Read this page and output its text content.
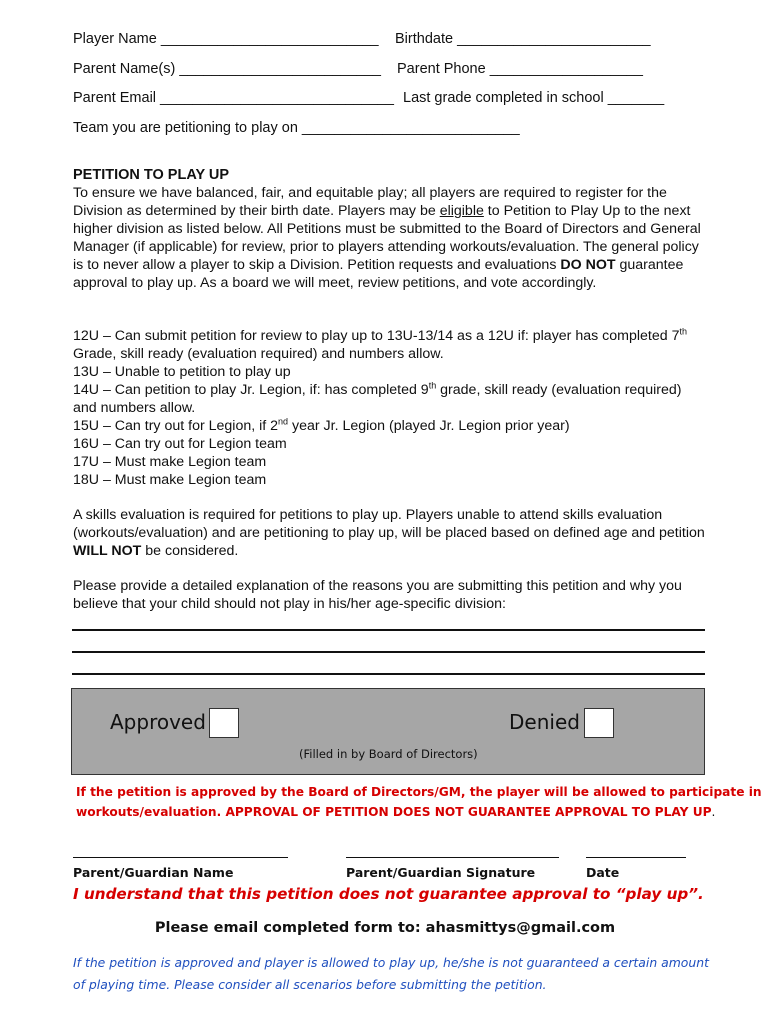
Player Name ___________________________ Birthdate ________________________
Parent Name(s) _________________________ Parent Phone ___________________
Parent Email _____________________________ Last grade completed in school _______
Team you are petitioning to play on ___________________________
PETITION TO PLAY UP
To ensure we have balanced, fair, and equitable play; all players are required to register for the Division as determined by their birth date. Players may be eligible to Petition to Play Up to the next higher division as listed below. All Petitions must be submitted to the Board of Directors and General Manager (if applicable) for review, prior to players attending workouts/evaluation. The general policy is to never allow a player to skip a Division. Petition requests and evaluations DO NOT guarantee approval to play up. As a board we will meet, review petitions, and vote accordingly.
12U – Can submit petition for review to play up to 13U-13/14 as a 12U if: player has completed 7th Grade, skill ready (evaluation required) and numbers allow.
13U – Unable to petition to play up
14U – Can petition to play Jr. Legion, if: has completed 9th grade, skill ready (evaluation required) and numbers allow.
15U – Can try out for Legion, if 2nd year Jr. Legion (played Jr. Legion prior year)
16U – Can try out for Legion team
17U – Must make Legion team
18U – Must make Legion team
A skills evaluation is required for petitions to play up. Players unable to attend skills evaluation (workouts/evaluation) and are petitioning to play up, will be placed based on defined age and petition WILL NOT be considered.
Please provide a detailed explanation of the reasons you are submitting this petition and why you believe that your child should not play in his/her age-specific division:
Approved	Denied
(Filled in by Board of Directors)
If the petition is approved by the Board of Directors/GM, the player will be allowed to participate in
workouts/evaluation. APPROVAL OF PETITION DOES NOT GUARANTEE APPROVAL TO PLAY UP.
Parent/Guardian Name	Parent/Guardian Signature	Date
I understand that this petition does not guarantee approval to “play up”.
Please email completed form to: ahasmittys@gmail.com
If the petition is approved and player is allowed to play up, he/she is not guaranteed a certain amount of playing time. Please consider all scenarios before submitting the petition.
